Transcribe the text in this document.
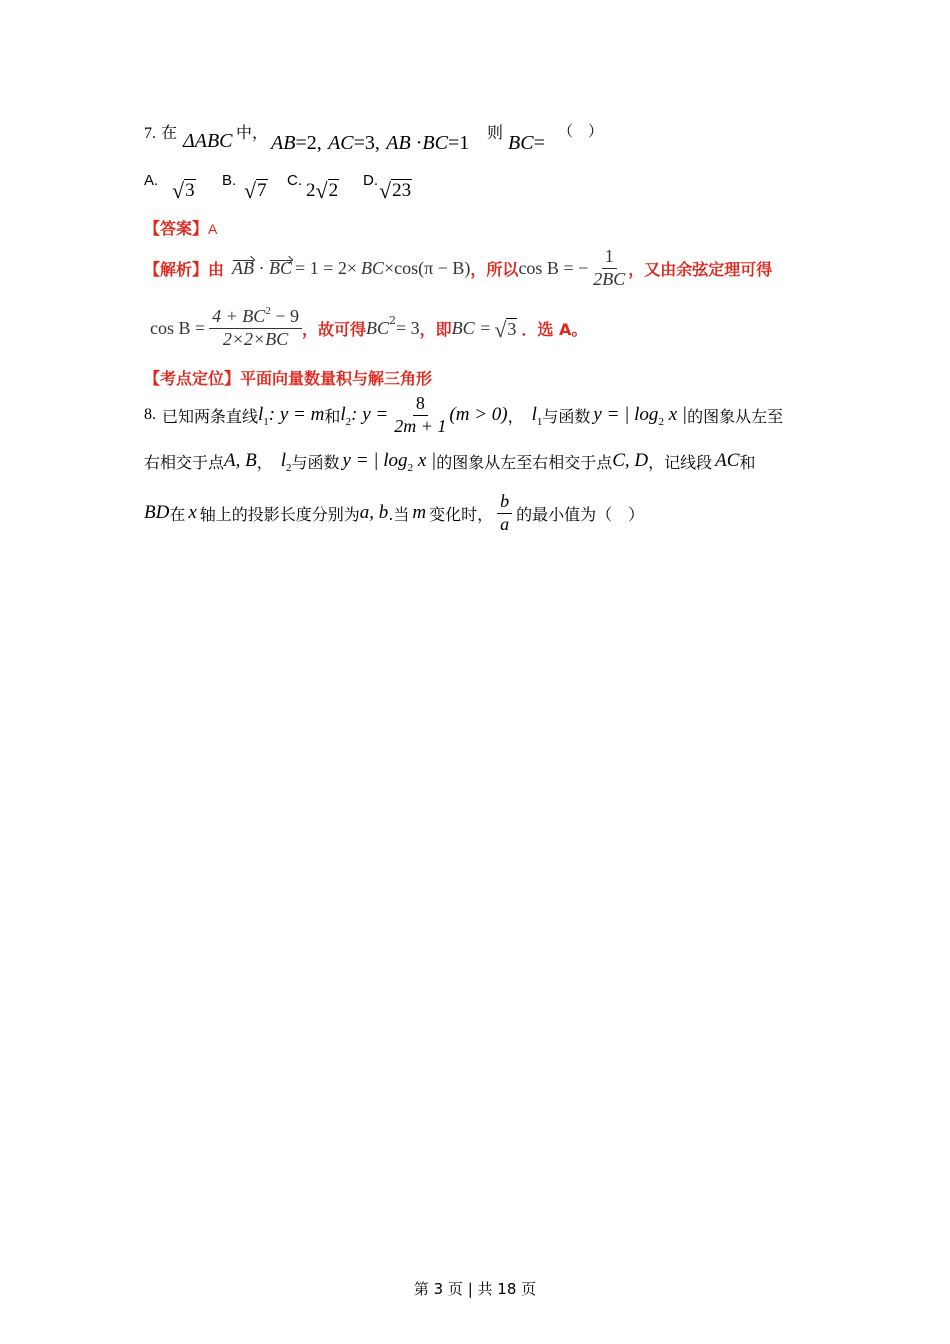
7. 在 ΔABC 中， AB=2, AC=3, AB ·BC=1 则 BC=
（　）
A. √3 B. √7 C. 2√2 D. √23
【答案】A
【解析】 由 AB · BC = 1 = 2× BC ×cos(π − B) ，所以 cos B = − $\frac{1}{2BC}$ ，又由余弦定理可得
$\cos B = \frac{4 + BC^2 - 9}{2\times 2\times BC}$ ，故可得 BC 2 = 3 ，即 BC = √3 ．选 A。
【考点定位】平面向量数量积与解三角形
8. 已知两条直线 $l_1$: y = m 和 $l_2$: $y = \frac{8}{2m + 1} (m > 0)$ ， $l_1$ 与函数 y = | $\log_2 x$ | 的图象从左至
右相交于点 A, B ， $l_2$ 与函数 y = | $\log_2 x$ | 的图象从左至右相交于点 C, D ，记线段 AC 和
BD 在 x 轴上的投影长度分别为 a, b .当 m 变化时， $\frac{b}{a}$ 的最小值为（　）
第 3 页 | 共 18 页
